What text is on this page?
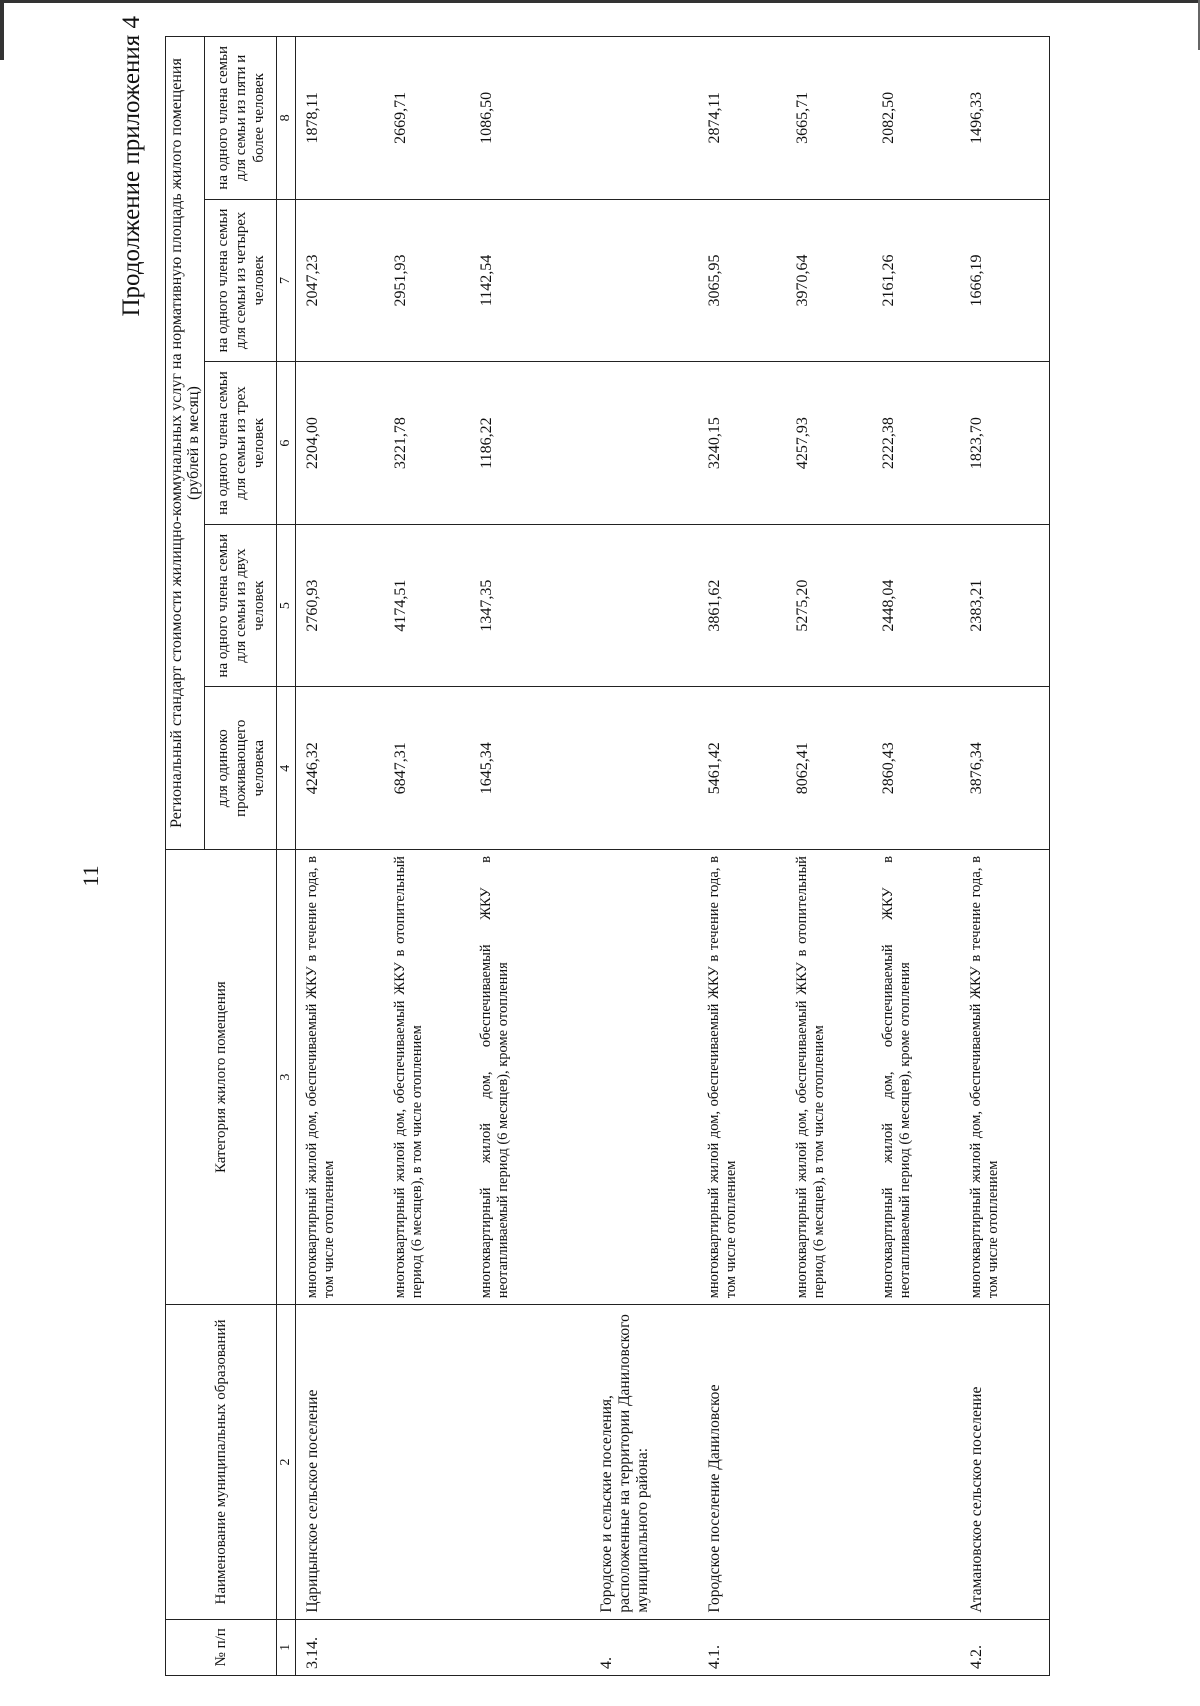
11
Продолжение приложения 4
№ п/п	Наименование муниципальных образований	Категория жилого помещения	Региональный стандарт стоимости жилищно-коммунальных услуг на нормативную площадь жилого помещения (рублей в месяц)				
			для одиноко проживающего человека	на одного члена семьи для семьи из двух человек	на одного члена семьи для семьи из трех человек	на одного члена семьи для семьи из четырех человек	на одного члена семьи для семьи из пяти и более человек
1	2	3	4	5	6	7	8
3.14.	Царицынское сельское поселение	многоквартирный жилой дом, обеспечиваемый ЖКУ в течение года, в том числе отоплением	4246,32	2760,93	2204,00	2047,23	1878,11
		многоквартирный жилой дом, обеспечиваемый ЖКУ в отопительный период (6 месяцев), в том числе отоплением	6847,31	4174,51	3221,78	2951,93	2669,71
		многоквартирный жилой дом, обеспечиваемый ЖКУ в неотапливаемый период (6 месяцев), кроме отопления	1645,34	1347,35	1186,22	1142,54	1086,50
4.	Городское и сельские поселения, расположенные на территории Даниловского муниципального района:						
4.1.	Городское поселение Даниловское	многоквартирный жилой дом, обеспечиваемый ЖКУ в течение года, в том числе отоплением	5461,42	3861,62	3240,15	3065,95	2874,11
		многоквартирный жилой дом, обеспечиваемый ЖКУ в отопительный период (6 месяцев), в том числе отоплением	8062,41	5275,20	4257,93	3970,64	3665,71
		многоквартирный жилой дом, обеспечиваемый ЖКУ в неотапливаемый период (6 месяцев), кроме отопления	2860,43	2448,04	2222,38	2161,26	2082,50
4.2.	Атамановское сельское поселение	многоквартирный жилой дом, обеспечиваемый ЖКУ в течение года, в том числе отоплением	3876,34	2383,21	1823,70	1666,19	1496,33
